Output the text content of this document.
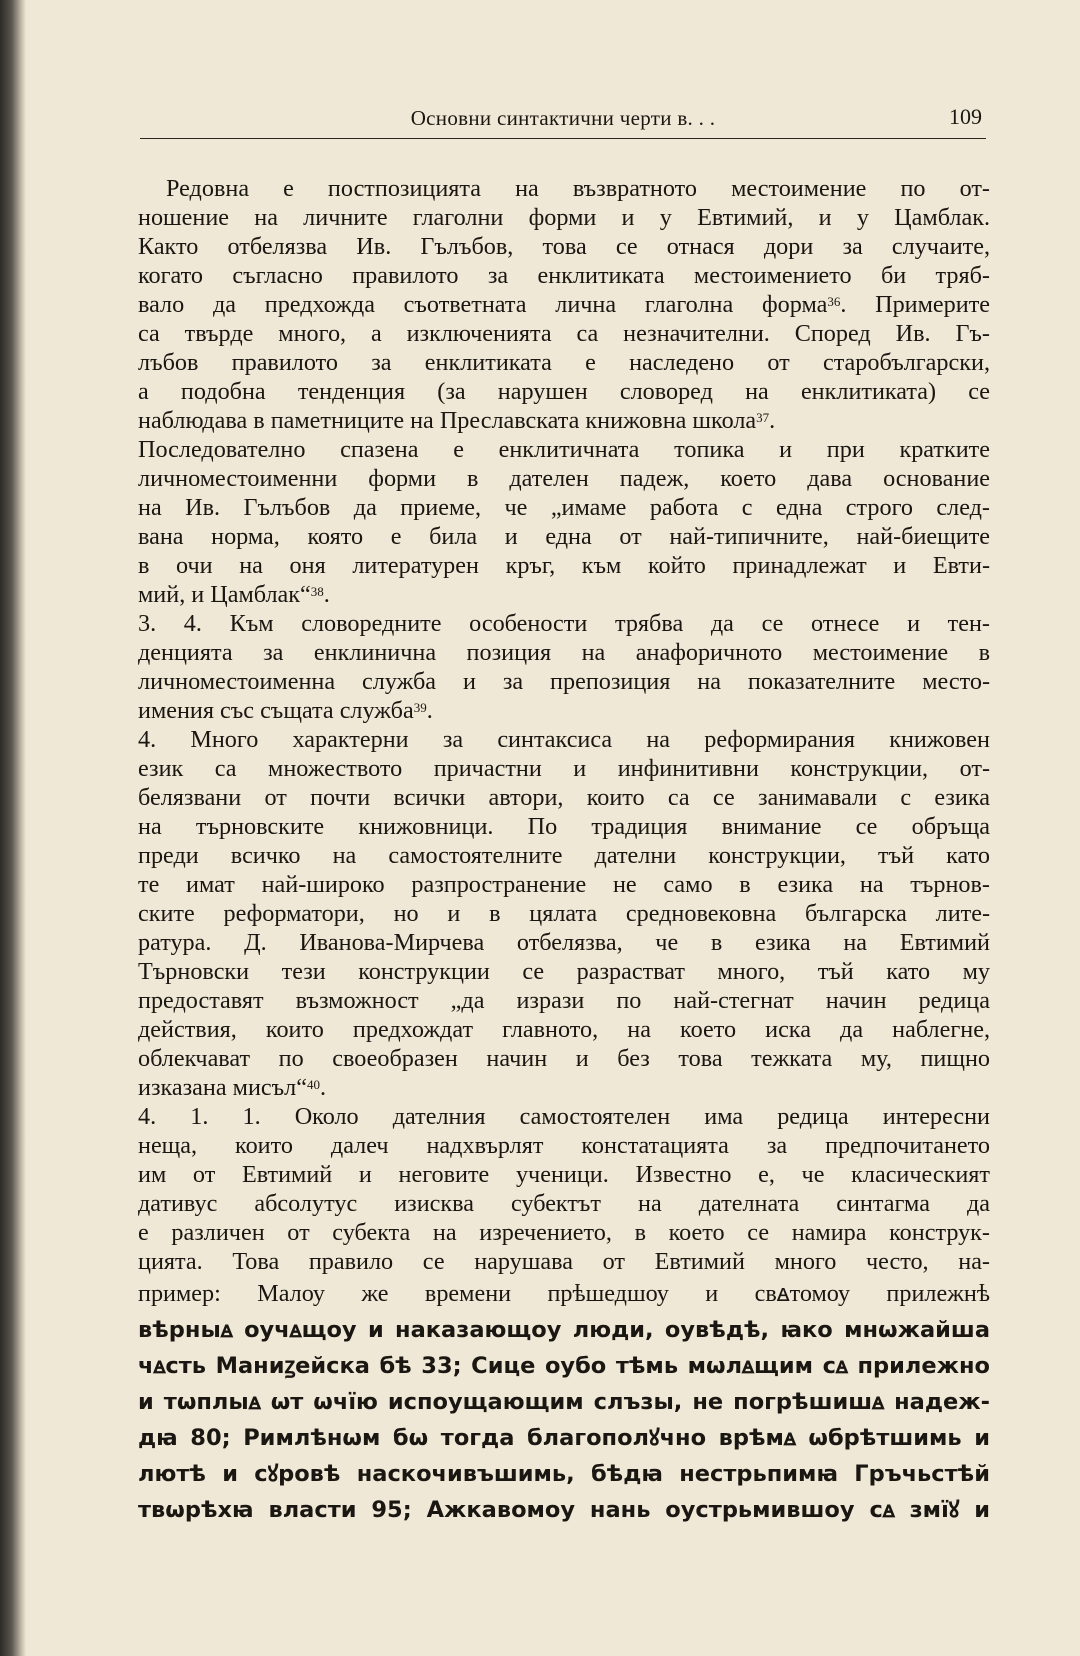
Основни синтактични черти в. . .	109
Редовна е постпозицията на възвратното местоимение по от-
ношение на личните глаголни форми и у Евтимий, и у Цамблак.
Както отбелязва Ив. Гълъбов, това се отнася дори за случаите,
когато съгласно правилото за енклитиката местоимението би тряб-
вало да предхожда съответната лична глаголна форма$^{36}$. Примерите
са твърде много, а изключенията са незначителни. Според Ив. Гъ-
лъбов правилото за енклитиката е наследено от старобългарски,
а подобна тенденция (за нарушен словоред на енклитиката) се
наблюдава в паметниците на Преславската книжовна школа$^{37}$.
Последователно спазена е енклитичната топика и при кратките
личноместоименни форми в дателен падеж, което дава основание
на Ив. Гълъбов да приеме, че „имаме работа с една строго след-
вана норма, която е била и една от най-типичните, най-биещите
в очи на оня литературен кръг, към който принадлежат и Евти-
мий, и Цамблак“$^{38}$.
3. 4. Към словоредните особености трябва да се отнесе и тен-
денцията за енклинична позиция на анафоричното местоимение в
личноместоименна служба и за препозиция на показателните место-
имения със същата служба$^{39}$.
4. Много характерни за синтаксиса на реформирания книжовен
език са множеството причастни и инфинитивни конструкции, от-
белязвани от почти всички автори, които са се занимавали с езика
на търновските книжовници. По традиция внимание се обръща
преди всичко на самостоятелните дателни конструкции, тъй като
те имат най-широко разпространение не само в езика на търнов-
ските реформатори, но и в цялата средновековна българска лите-
ратура. Д. Иванова-Мирчева отбелязва, че в езика на Евтимий
Търновски тези конструкции се разрастват много, тъй като му
предоставят възможност „да изрази по най-стегнат начин редица
действия, които предхождат главното, на което иска да наблегне,
облекчават по своеобразен начин и без това тежката му, пищно
изказана мисъл“$^{40}$.
4. 1. 1. Около дателния самостоятелен има редица интересни
неща, които далеч надхвърлят констатацията за предпочитането
им от Евтимий и неговите ученици. Известно е, че класическият
дативус абсолутус изисква субектът на дателната синтагма да
е различен от субекта на изречението, в което се намира конструк-
цията. Това правило се нарушава от Евтимий много често, на-
пример: Малоу же времени прѣшедшоу и свꙙтомоу прилежнѣ
вѣрныꙙ оучꙙщоу и наказающоу люди, оувѣдѣ, ꙗко мнѡжайша
чꙙсть Маниꙁейска бѣ 33; Сице оубо тѣмь мѡлꙙщим сꙙ прилежно
и тѡплыꙙ ѡт ѡчїю испоущающим слъзы, не погрѣшишꙙ надеж-
дꙗ 80; Римлѣнѡм бѡ тогда благополꙋчно врѣмꙙ ѡбрѣтшимь и
лютѣ и сꙋровѣ наскочивъшимь, бѣдꙗ нестрьпимꙗ Гръчьстѣй
твѡрѣхꙗ власти 95; Ажкавомоу нань оустрьмившоу сꙙ змїꙋ и
